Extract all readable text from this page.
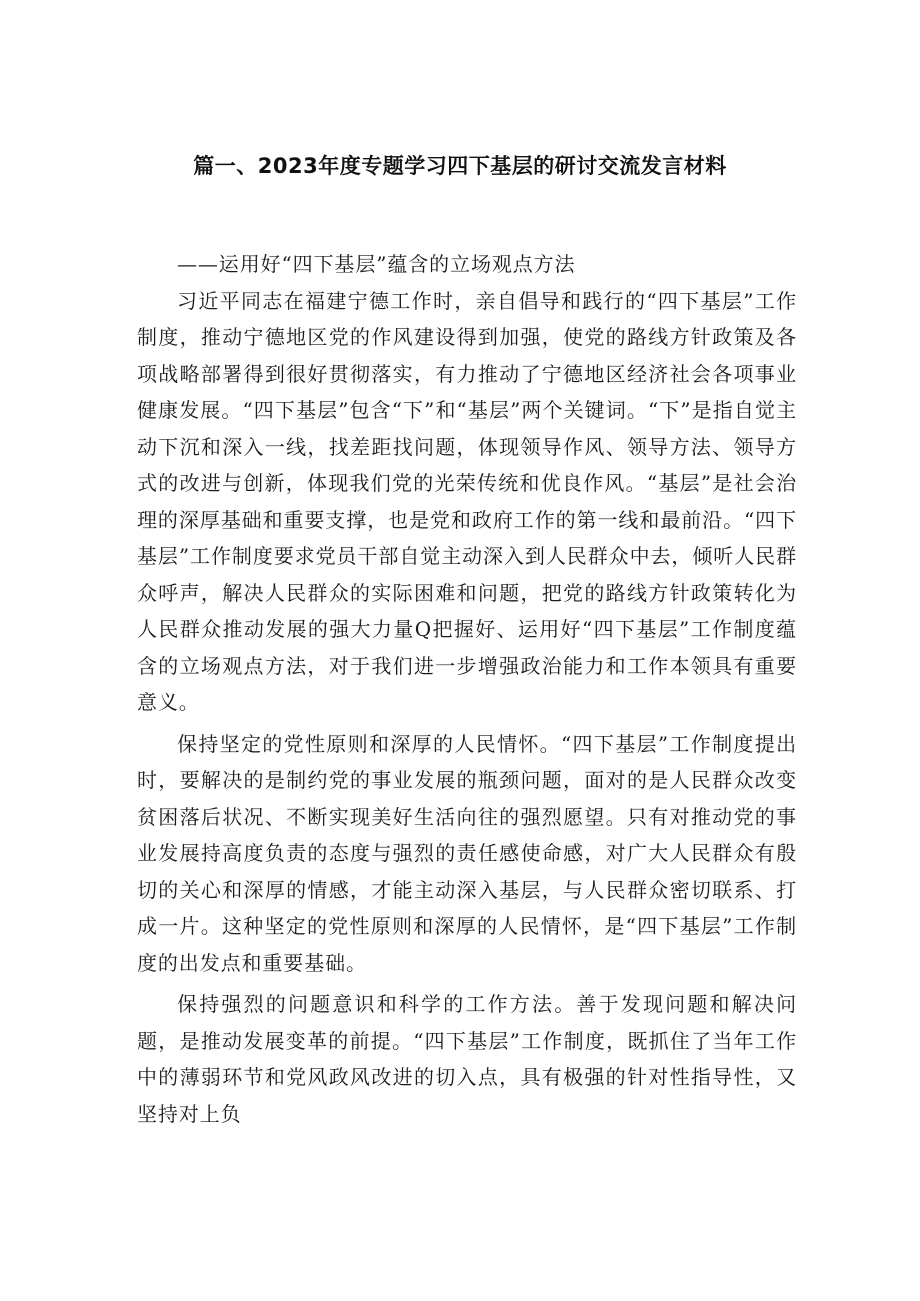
篇一、2023年度专题学习四下基层的研讨交流发言材料

——运用好“四下基层”蕴含的立场观点方法

习近平同志在福建宁德工作时，亲自倡导和践行的“四下基层”工作制度，推动宁德地区党的作风建设得到加强，使党的路线方针政策及各项战略部署得到很好贯彻落实，有力推动了宁德地区经济社会各项事业健康发展。“四下基层”包含“下”和“基层”两个关键词。“下”是指自觉主动下沉和深入一线，找差距找问题，体现领导作风、领导方法、领导方式的改进与创新，体现我们党的光荣传统和优良作风。“基层”是社会治理的深厚基础和重要支撑，也是党和政府工作的第一线和最前沿。“四下基层”工作制度要求党员干部自觉主动深入到人民群众中去，倾听人民群众呼声，解决人民群众的实际困难和问题，把党的路线方针政策转化为人民群众推动发展的强大力量Q把握好、运用好“四下基层”工作制度蕴含的立场观点方法，对于我们进一步增强政治能力和工作本领具有重要意义。

保持坚定的党性原则和深厚的人民情怀。“四下基层”工作制度提出时，要解决的是制约党的事业发展的瓶颈问题，面对的是人民群众改变贫困落后状况、不断实现美好生活向往的强烈愿望。只有对推动党的事业发展持高度负责的态度与强烈的责任感使命感，对广大人民群众有殷切的关心和深厚的情感，才能主动深入基层，与人民群众密切联系、打成一片。这种坚定的党性原则和深厚的人民情怀，是“四下基层”工作制度的出发点和重要基础。

保持强烈的问题意识和科学的工作方法。善于发现问题和解决问题，是推动发展变革的前提。“四下基层”工作制度，既抓住了当年工作中的薄弱环节和党风政风改进的切入点，具有极强的针对性指导性，又坚持对上负
